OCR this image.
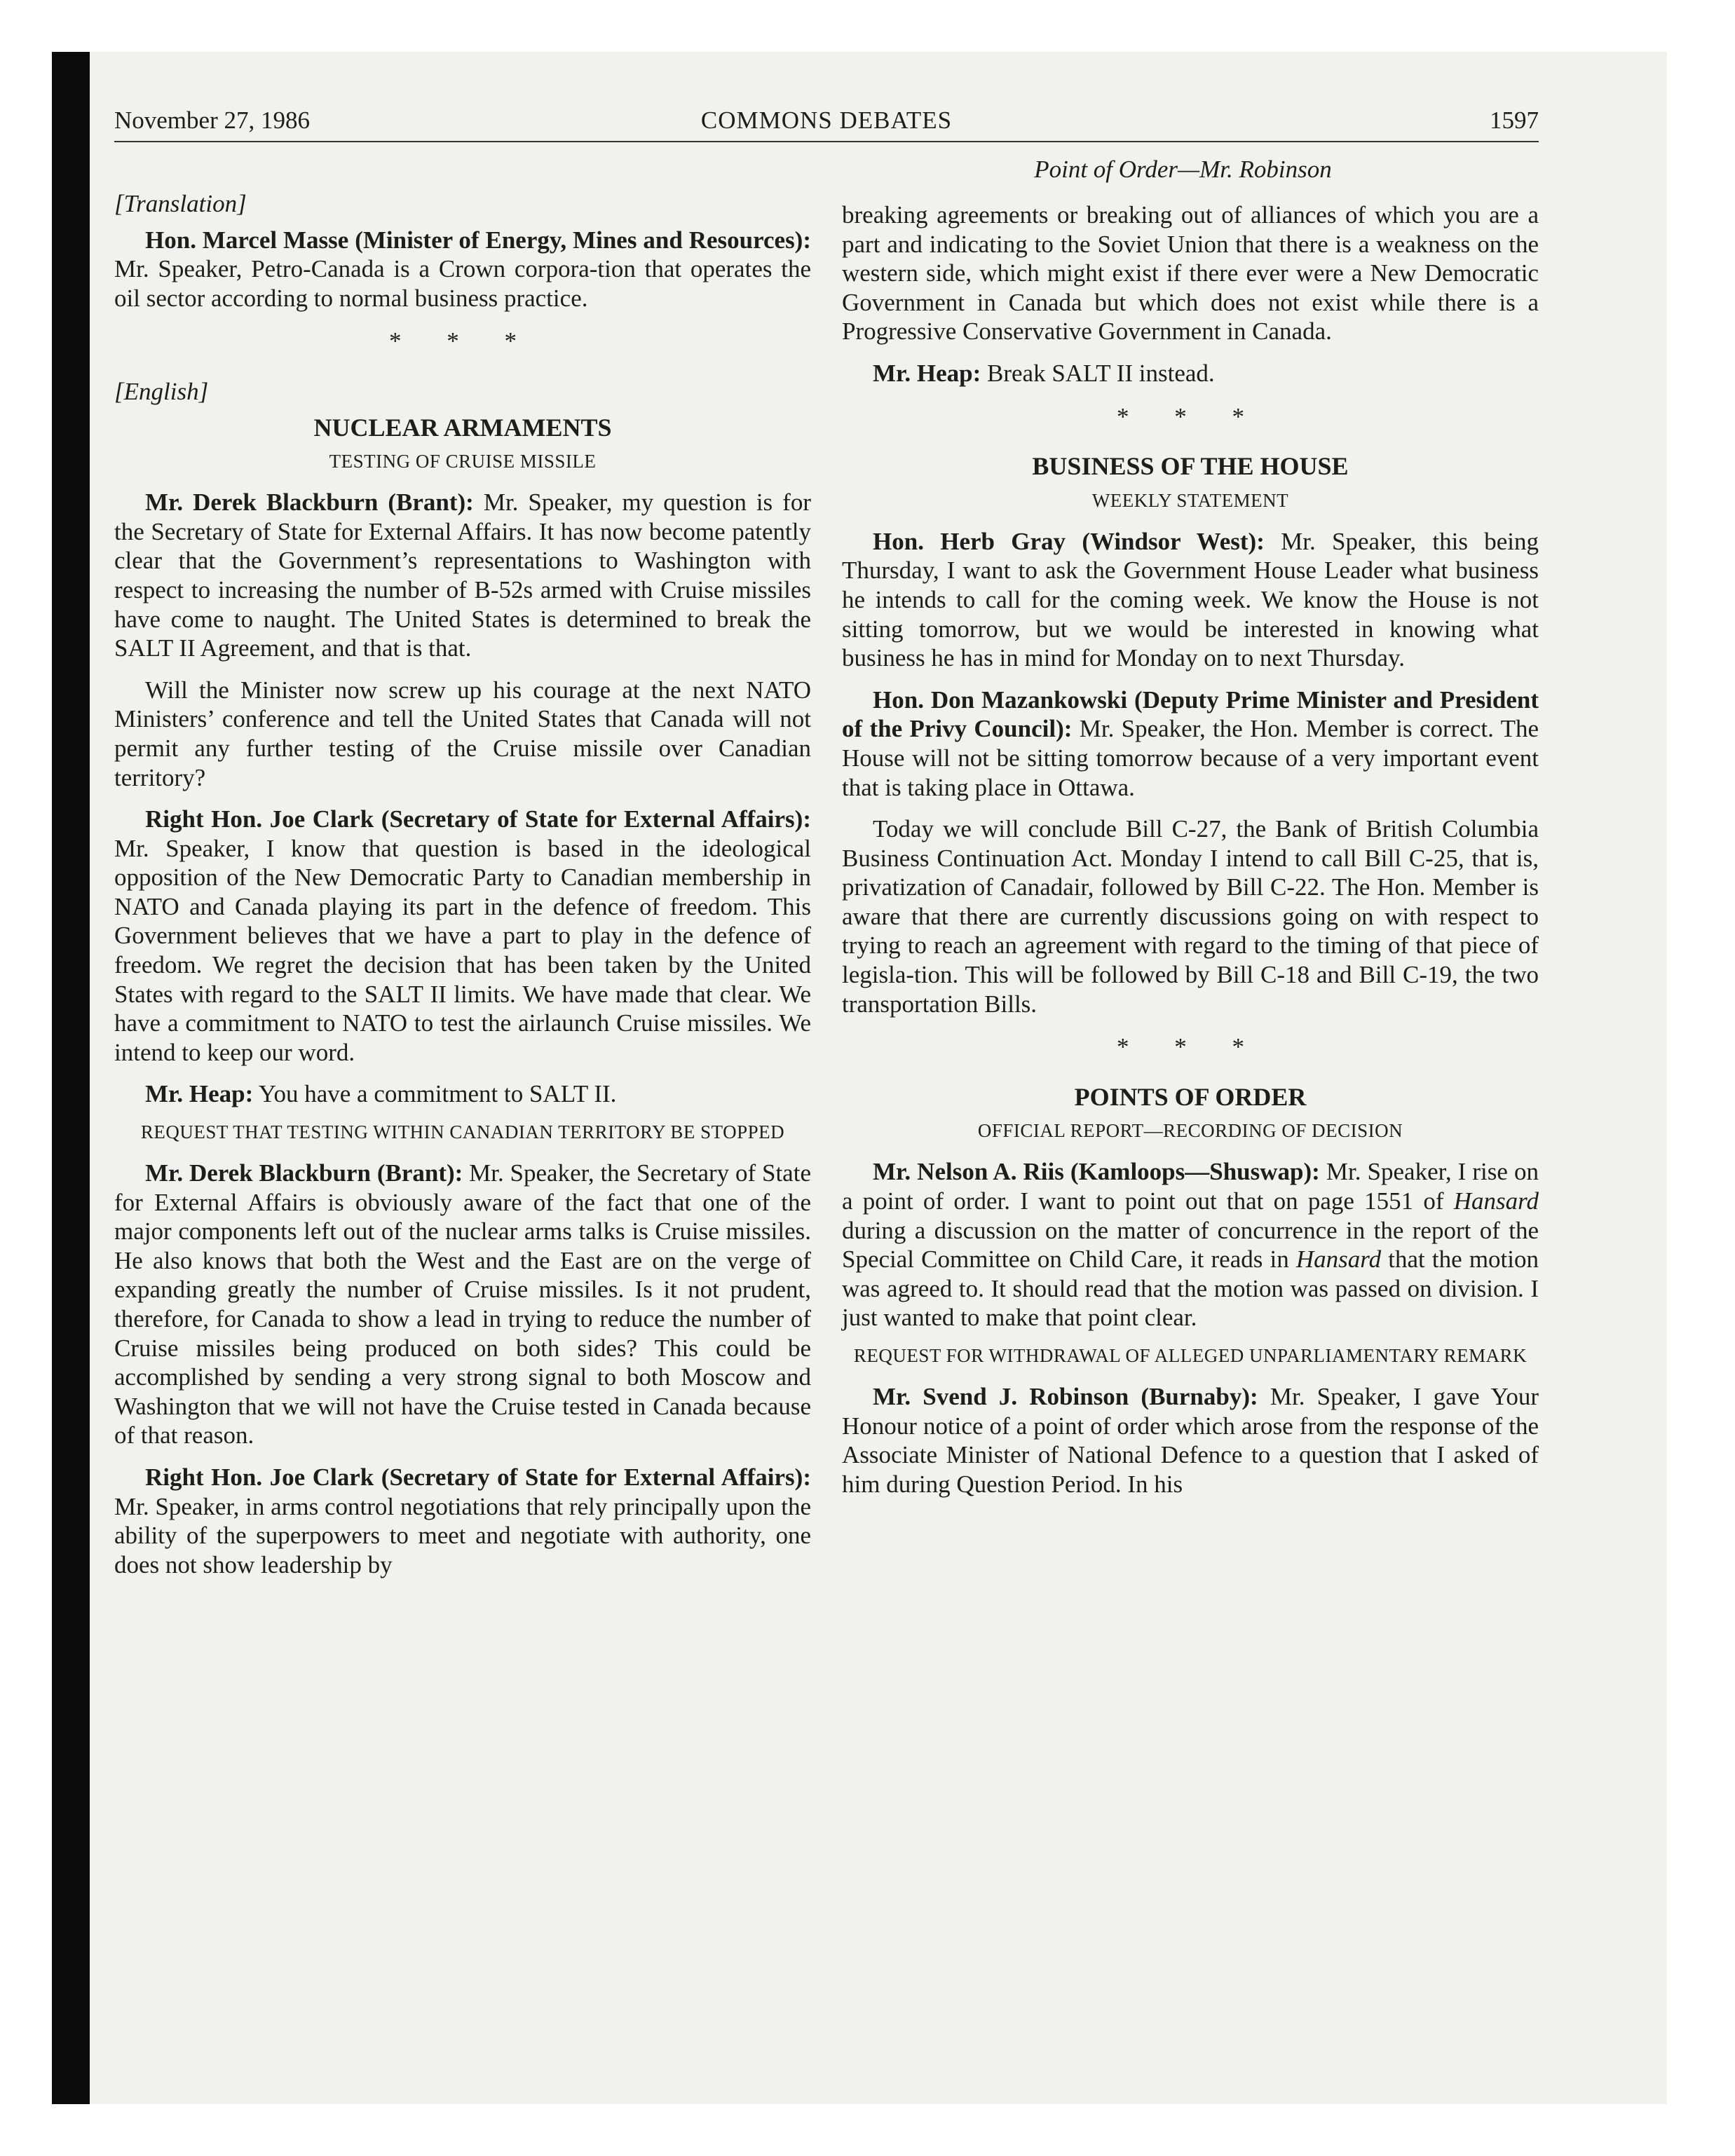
November 27, 1986	COMMONS DEBATES	1597
Point of Order—Mr. Robinson
[Translation]

Hon. Marcel Masse (Minister of Energy, Mines and Resources): Mr. Speaker, Petro-Canada is a Crown corpora-tion that operates the oil sector according to normal business practice.

* * *
[English]
NUCLEAR ARMAMENTS
TESTING OF CRUISE MISSILE

Mr. Derek Blackburn (Brant): Mr. Speaker, my question is for the Secretary of State for External Affairs. It has now become patently clear that the Government’s representations to Washington with respect to increasing the number of B-52s armed with Cruise missiles have come to naught. The United States is determined to break the SALT II Agreement, and that is that.

Will the Minister now screw up his courage at the next NATO Ministers’ conference and tell the United States that Canada will not permit any further testing of the Cruise missile over Canadian territory?

Right Hon. Joe Clark (Secretary of State for External Affairs): Mr. Speaker, I know that question is based in the ideological opposition of the New Democratic Party to Canadian membership in NATO and Canada playing its part in the defence of freedom. This Government believes that we have a part to play in the defence of freedom. We regret the decision that has been taken by the United States with regard to the SALT II limits. We have made that clear. We have a commitment to NATO to test the airlaunch Cruise missiles. We intend to keep our word.

Mr. Heap: You have a commitment to SALT II.

REQUEST THAT TESTING WITHIN CANADIAN TERRITORY BE STOPPED

Mr. Derek Blackburn (Brant): Mr. Speaker, the Secretary of State for External Affairs is obviously aware of the fact that one of the major components left out of the nuclear arms talks is Cruise missiles. He also knows that both the West and the East are on the verge of expanding greatly the number of Cruise missiles. Is it not prudent, therefore, for Canada to show a lead in trying to reduce the number of Cruise missiles being produced on both sides? This could be accomplished by sending a very strong signal to both Moscow and Washington that we will not have the Cruise tested in Canada because of that reason.

Right Hon. Joe Clark (Secretary of State for External Affairs): Mr. Speaker, in arms control negotiations that rely principally upon the ability of the superpowers to meet and negotiate with authority, one does not show leadership by

breaking agreements or breaking out of alliances of which you are a part and indicating to the Soviet Union that there is a weakness on the western side, which might exist if there ever were a New Democratic Government in Canada but which does not exist while there is a Progressive Conservative Government in Canada.

Mr. Heap: Break SALT II instead.

* * *
BUSINESS OF THE HOUSE
WEEKLY STATEMENT

Hon. Herb Gray (Windsor West): Mr. Speaker, this being Thursday, I want to ask the Government House Leader what business he intends to call for the coming week. We know the House is not sitting tomorrow, but we would be interested in knowing what business he has in mind for Monday on to next Thursday.

Hon. Don Mazankowski (Deputy Prime Minister and President of the Privy Council): Mr. Speaker, the Hon. Member is correct. The House will not be sitting tomorrow because of a very important event that is taking place in Ottawa.

Today we will conclude Bill C-27, the Bank of British Columbia Business Continuation Act. Monday I intend to call Bill C-25, that is, privatization of Canadair, followed by Bill C-22. The Hon. Member is aware that there are currently discussions going on with respect to trying to reach an agreement with regard to the timing of that piece of legisla-tion. This will be followed by Bill C-18 and Bill C-19, the two transportation Bills.

* * *
POINTS OF ORDER
OFFICIAL REPORT—RECORDING OF DECISION

Mr. Nelson A. Riis (Kamloops—Shuswap): Mr. Speaker, I rise on a point of order. I want to point out that on page 1551 of Hansard during a discussion on the matter of concurrence in the report of the Special Committee on Child Care, it reads in Hansard that the motion was agreed to. It should read that the motion was passed on division. I just wanted to make that point clear.

REQUEST FOR WITHDRAWAL OF ALLEGED UNPARLIAMENTARY REMARK

Mr. Svend J. Robinson (Burnaby): Mr. Speaker, I gave Your Honour notice of a point of order which arose from the response of the Associate Minister of National Defence to a question that I asked of him during Question Period. In his
